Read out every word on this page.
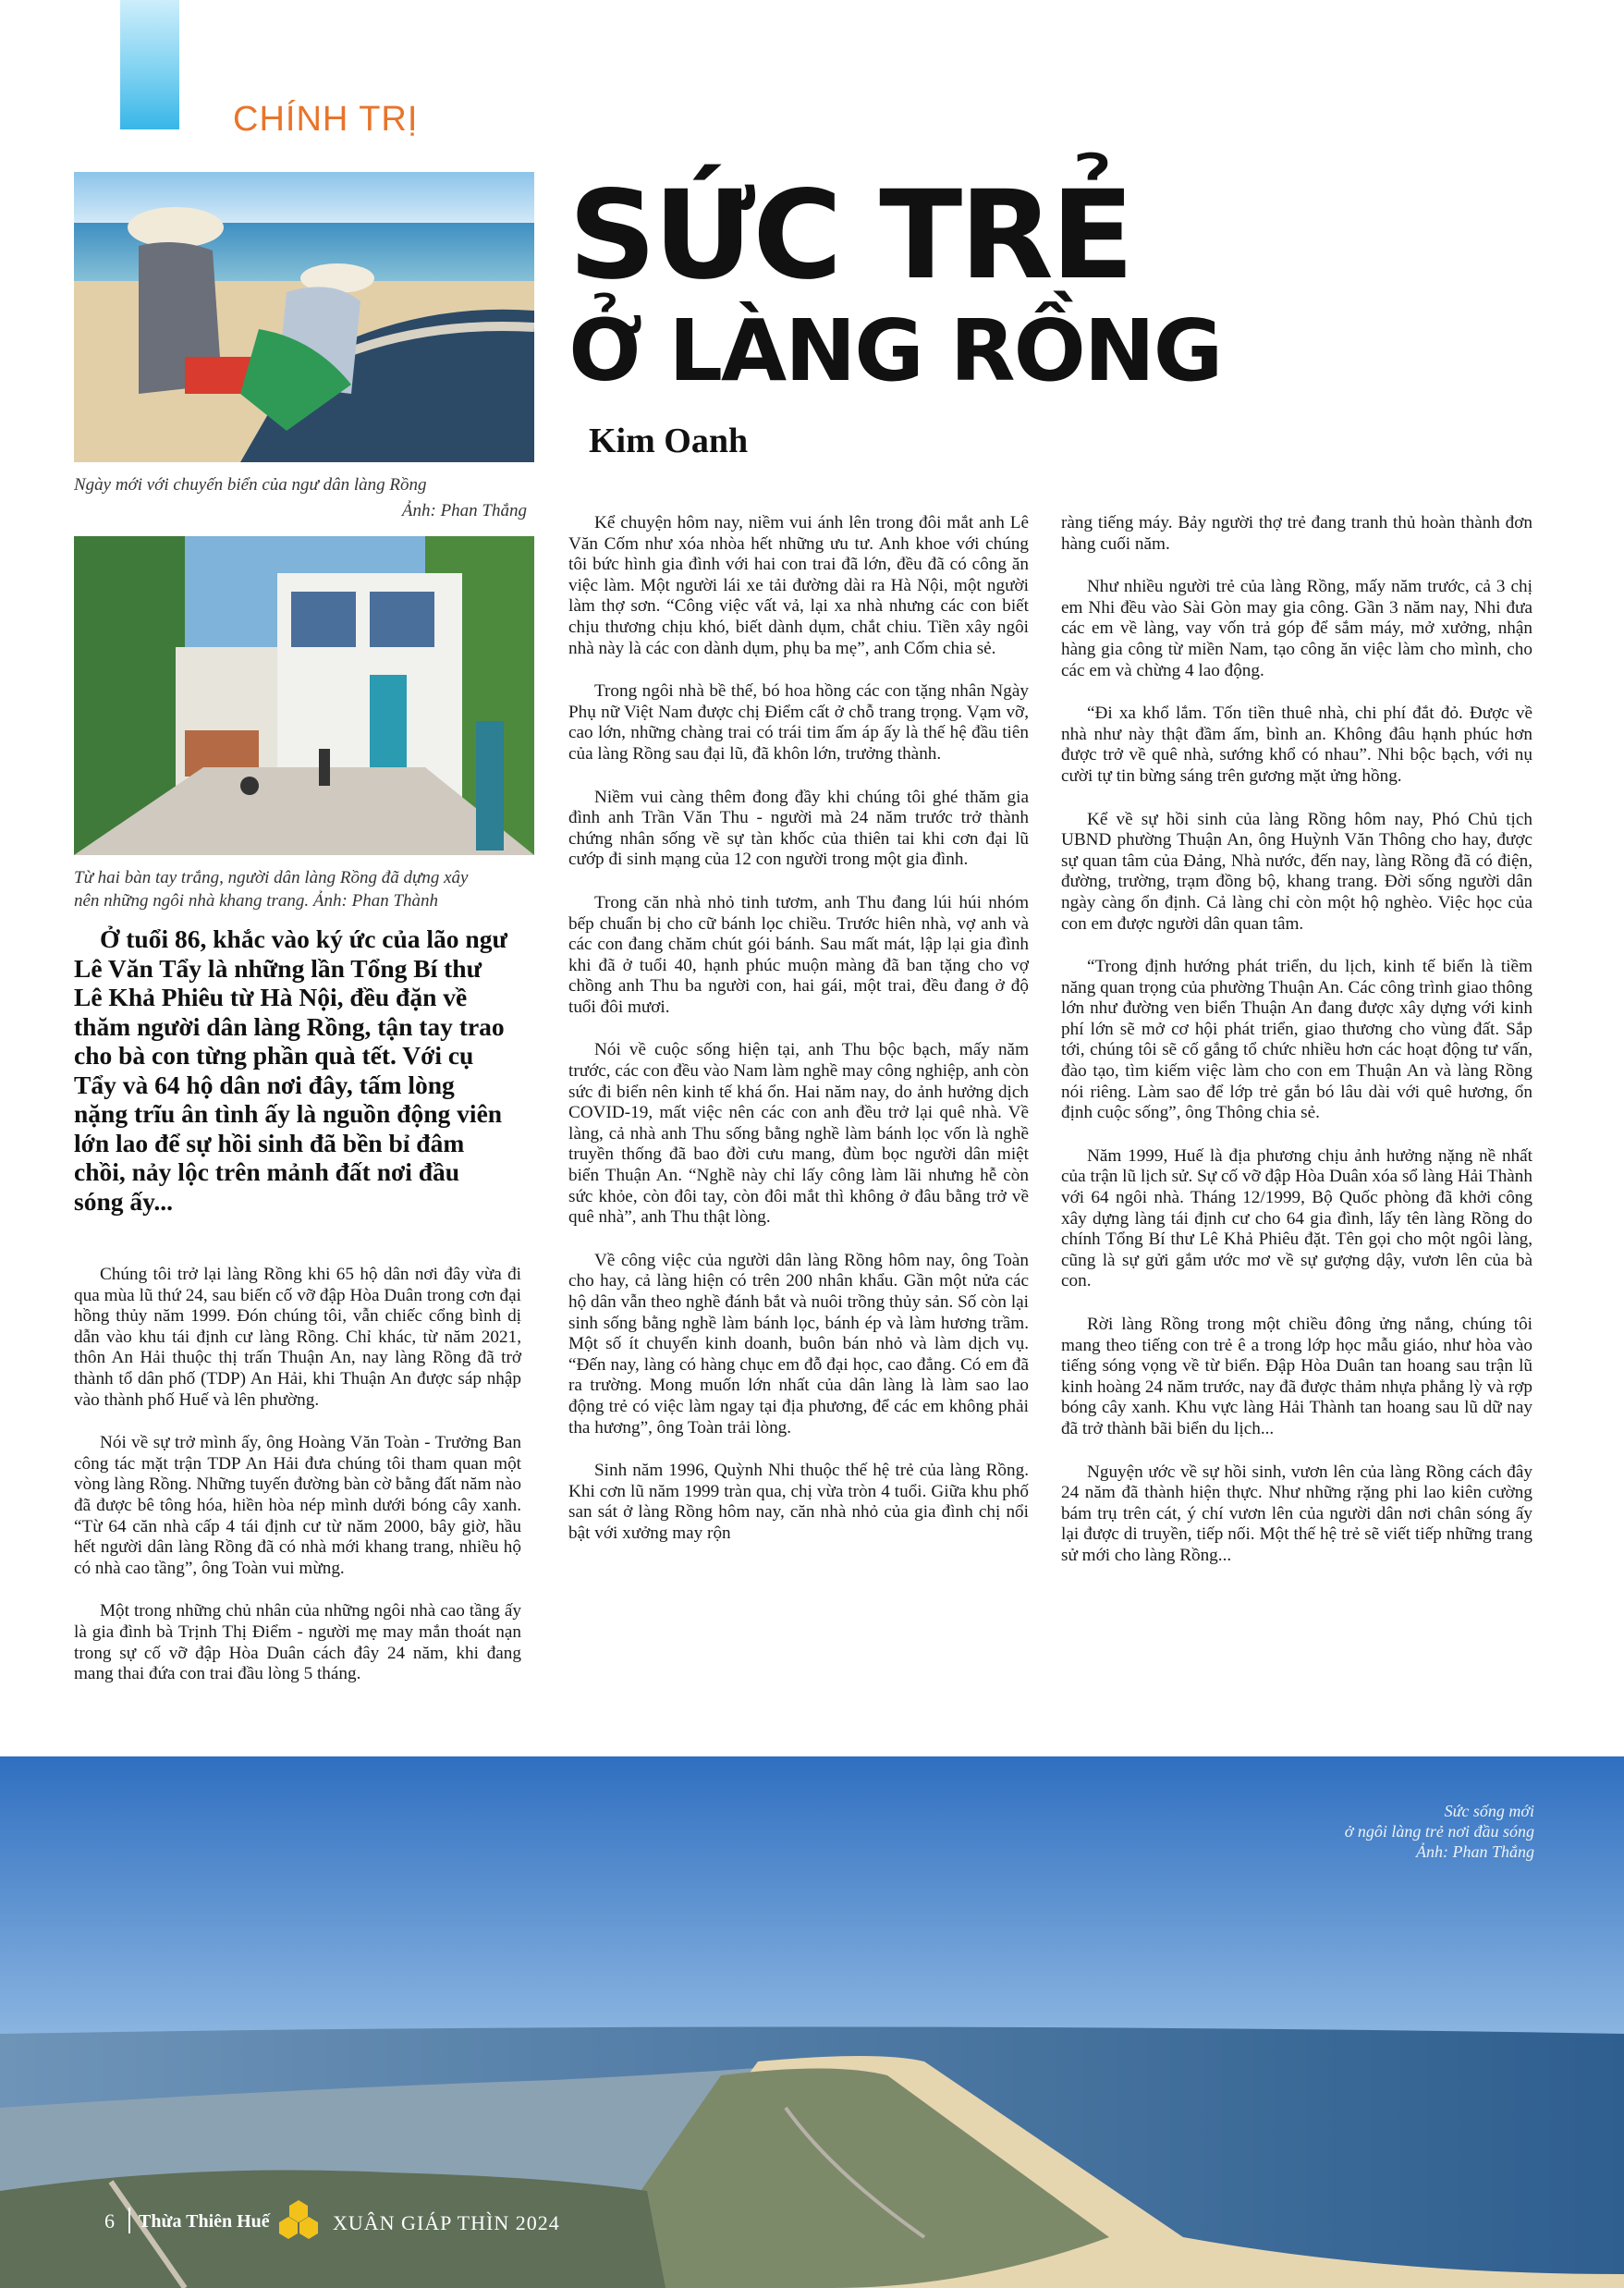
CHÍNH TRỊ
Ngày mới với chuyến biển của ngư dân làng Rồng
Ảnh: Phan Thắng
Từ hai bàn tay trắng, người dân làng Rồng đã dựng xây
nên những ngôi nhà khang trang. Ảnh: Phan Thành
SỨC TRẺ
Ở LÀNG RỒNG
Kim Oanh

Ở tuổi 86, khắc vào ký ức của lão ngư Lê Văn Tẩy là những lần Tổng Bí thư Lê Khả Phiêu từ Hà Nội, đều đặn về thăm người dân làng Rồng, tận tay trao cho bà con từng phần quà tết. Với cụ Tẩy và 64 hộ dân nơi đây, tấm lòng nặng trĩu ân tình ấy là nguồn động viên lớn lao để sự hồi sinh đã bền bỉ đâm chồi, nảy lộc trên mảnh đất nơi đầu sóng ấy...

Chúng tôi trở lại làng Rồng khi 65 hộ dân nơi đây vừa đi qua mùa lũ thứ 24, sau biến cố vỡ đập Hòa Duân trong cơn đại hồng thủy năm 1999. Đón chúng tôi, vẫn chiếc cổng bình dị dẫn vào khu tái định cư làng Rồng. Chỉ khác, từ năm 2021, thôn An Hải thuộc thị trấn Thuận An, nay làng Rồng đã trở thành tổ dân phố (TDP) An Hải, khi Thuận An được sáp nhập vào thành phố Huế và lên phường.

Nói về sự trở mình ấy, ông Hoàng Văn Toàn - Trưởng Ban công tác mặt trận TDP An Hải đưa chúng tôi tham quan một vòng làng Rồng. Những tuyến đường bàn cờ bằng đất năm nào đã được bê tông hóa, hiền hòa nép mình dưới bóng cây xanh. “Từ 64 căn nhà cấp 4 tái định cư từ năm 2000, bây giờ, hầu hết người dân làng Rồng đã có nhà mới khang trang, nhiều hộ có nhà cao tầng”, ông Toàn vui mừng.

Một trong những chủ nhân của những ngôi nhà cao tầng ấy là gia đình bà Trịnh Thị Điểm - người mẹ may mắn thoát nạn trong sự cố vỡ đập Hòa Duân cách đây 24 năm, khi đang mang thai đứa con trai đầu lòng 5 tháng.

Kể chuyện hôm nay, niềm vui ánh lên trong đôi mắt anh Lê Văn Cốm như xóa nhòa hết những ưu tư. Anh khoe với chúng tôi bức hình gia đình với hai con trai đã lớn, đều đã có công ăn việc làm. Một người lái xe tải đường dài ra Hà Nội, một người làm thợ sơn. “Công việc vất vả, lại xa nhà nhưng các con biết chịu thương chịu khó, biết dành dụm, chắt chiu. Tiền xây ngôi nhà này là các con dành dụm, phụ ba mẹ”, anh Cốm chia sẻ.

Trong ngôi nhà bề thế, bó hoa hồng các con tặng nhân Ngày Phụ nữ Việt Nam được chị Điểm cất ở chỗ trang trọng. Vạm vỡ, cao lớn, những chàng trai có trái tim ấm áp ấy là thế hệ đầu tiên của làng Rồng sau đại lũ, đã khôn lớn, trưởng thành.

Niềm vui càng thêm đong đầy khi chúng tôi ghé thăm gia đình anh Trần Văn Thu - người mà 24 năm trước trở thành chứng nhân sống về sự tàn khốc của thiên tai khi cơn đại lũ cướp đi sinh mạng của 12 con người trong một gia đình.

Trong căn nhà nhỏ tinh tươm, anh Thu đang lúi húi nhóm bếp chuẩn bị cho cữ bánh lọc chiều. Trước hiên nhà, vợ anh và các con đang chăm chút gói bánh. Sau mất mát, lập lại gia đình khi đã ở tuổi 40, hạnh phúc muộn màng đã ban tặng cho vợ chồng anh Thu ba người con, hai gái, một trai, đều đang ở độ tuổi đôi mươi.

Nói về cuộc sống hiện tại, anh Thu bộc bạch, mấy năm trước, các con đều vào Nam làm nghề may công nghiệp, anh còn sức đi biển nên kinh tế khá ổn. Hai năm nay, do ảnh hưởng dịch COVID-19, mất việc nên các con anh đều trở lại quê nhà. Về làng, cả nhà anh Thu sống bằng nghề làm bánh lọc vốn là nghề truyền thống đã bao đời cưu mang, đùm bọc người dân miệt biển Thuận An. “Nghề này chỉ lấy công làm lãi nhưng hễ còn sức khỏe, còn đôi tay, còn đôi mắt thì không ở đâu bằng trở về quê nhà”, anh Thu thật lòng.

Về công việc của người dân làng Rồng hôm nay, ông Toàn cho hay, cả làng hiện có trên 200 nhân khẩu. Gần một nửa các hộ dân vẫn theo nghề đánh bắt và nuôi trồng thủy sản. Số còn lại sinh sống bằng nghề làm bánh lọc, bánh ép và làm hương trầm. Một số ít chuyển kinh doanh, buôn bán nhỏ và làm dịch vụ. “Đến nay, làng có hàng chục em đỗ đại học, cao đẳng. Có em đã ra trường. Mong muốn lớn nhất của dân làng là làm sao lao động trẻ có việc làm ngay tại địa phương, để các em không phải tha hương”, ông Toàn trải lòng.

Sinh năm 1996, Quỳnh Nhi thuộc thế hệ trẻ của làng Rồng. Khi cơn lũ năm 1999 tràn qua, chị vừa tròn 4 tuổi. Giữa khu phố san sát ở làng Rồng hôm nay, căn nhà nhỏ của gia đình chị nổi bật với xưởng may rộn

ràng tiếng máy. Bảy người thợ trẻ đang tranh thủ hoàn thành đơn hàng cuối năm.

Như nhiều người trẻ của làng Rồng, mấy năm trước, cả 3 chị em Nhi đều vào Sài Gòn may gia công. Gần 3 năm nay, Nhi đưa các em về làng, vay vốn trả góp để sắm máy, mở xưởng, nhận hàng gia công từ miền Nam, tạo công ăn việc làm cho mình, cho các em và chừng 4 lao động.

“Đi xa khổ lắm. Tốn tiền thuê nhà, chi phí đắt đỏ. Được về nhà như này thật đầm ấm, bình an. Không đâu hạnh phúc hơn được trở về quê nhà, sướng khổ có nhau”. Nhi bộc bạch, với nụ cười tự tin bừng sáng trên gương mặt ửng hồng.

Kể về sự hồi sinh của làng Rồng hôm nay, Phó Chủ tịch UBND phường Thuận An, ông Huỳnh Văn Thông cho hay, được sự quan tâm của Đảng, Nhà nước, đến nay, làng Rồng đã có điện, đường, trường, trạm đồng bộ, khang trang. Đời sống người dân ngày càng ổn định. Cả làng chỉ còn một hộ nghèo. Việc học của con em được người dân quan tâm.

“Trong định hướng phát triển, du lịch, kinh tế biển là tiềm năng quan trọng của phường Thuận An. Các công trình giao thông lớn như đường ven biển Thuận An đang được xây dựng với kinh phí lớn sẽ mở cơ hội phát triển, giao thương cho vùng đất. Sắp tới, chúng tôi sẽ cố gắng tổ chức nhiều hơn các hoạt động tư vấn, đào tạo, tìm kiếm việc làm cho con em Thuận An và làng Rồng nói riêng. Làm sao để lớp trẻ gắn bó lâu dài với quê hương, ổn định cuộc sống”, ông Thông chia sẻ.

Năm 1999, Huế là địa phương chịu ảnh hưởng nặng nề nhất của trận lũ lịch sử. Sự cố vỡ đập Hòa Duân xóa sổ làng Hải Thành với 64 ngôi nhà. Tháng 12/1999, Bộ Quốc phòng đã khởi công xây dựng làng tái định cư cho 64 gia đình, lấy tên làng Rồng do chính Tổng Bí thư Lê Khả Phiêu đặt. Tên gọi cho một ngôi làng, cũng là sự gửi gắm ước mơ về sự gượng dậy, vươn lên của bà con.

Rời làng Rồng trong một chiều đông ửng nắng, chúng tôi mang theo tiếng con trẻ ê a trong lớp học mẫu giáo, như hòa vào tiếng sóng vọng về từ biển. Đập Hòa Duân tan hoang sau trận lũ kinh hoàng 24 năm trước, nay đã được thảm nhựa phẳng lỳ và rợp bóng cây xanh. Khu vực làng Hải Thành tan hoang sau lũ dữ nay đã trở thành bãi biển du lịch...

Nguyện ước về sự hồi sinh, vươn lên của làng Rồng cách đây 24 năm đã thành hiện thực. Như những rặng phi lao kiên cường bám trụ trên cát, ý chí vươn lên của người dân nơi chân sóng ấy lại được di truyền, tiếp nối. Một thế hệ trẻ sẽ viết tiếp những trang sử mới cho làng Rồng...

Sức sống mới
ở ngôi làng trẻ nơi đầu sóng
Ảnh: Phan Thắng
6 Thừa Thiên Huế	XUÂN GIÁP THÌN 2024
